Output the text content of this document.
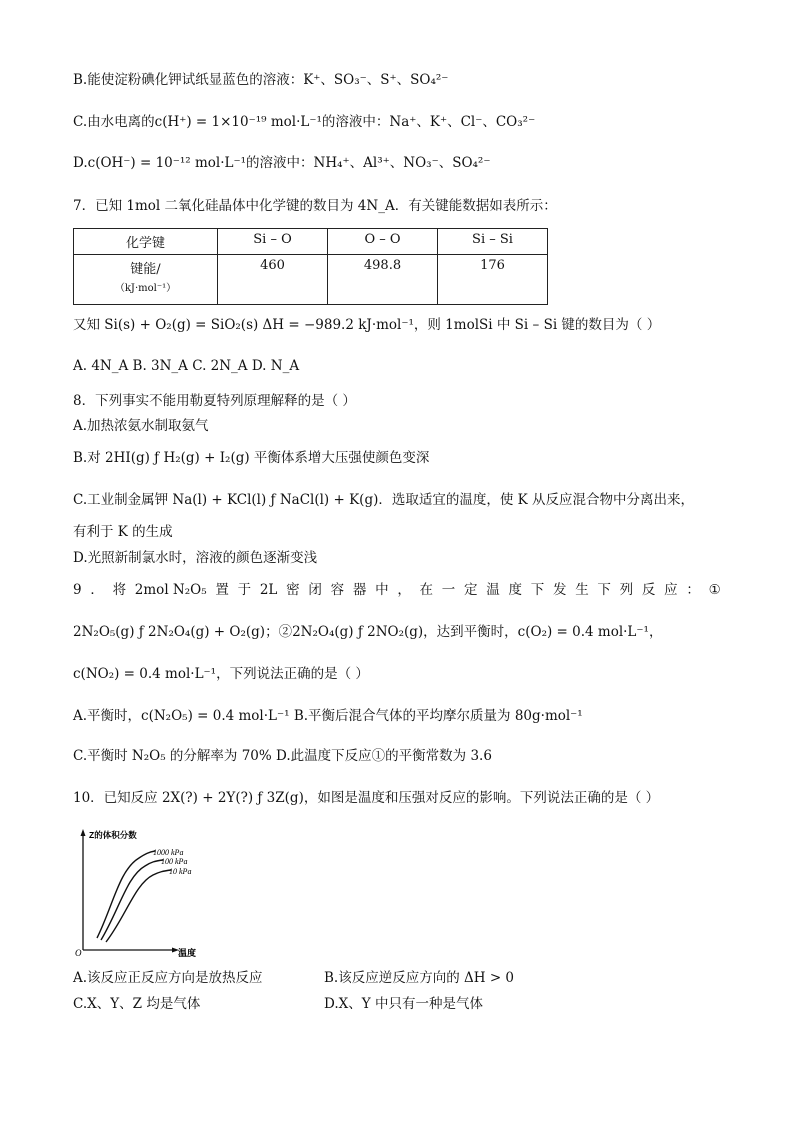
B.能使淀粉碘化钾试纸显蓝色的溶液：K⁺、SO₃⁻、S⁺、SO₄²⁻
C.由水电离的c(H⁺) = 1×10⁻¹⁹ mol·L⁻¹的溶液中：Na⁺、K⁺、Cl⁻、CO₃²⁻
D.c(OH⁻) = 10⁻¹² mol·L⁻¹的溶液中：NH₄⁺、Al³⁺、NO₃⁻、SO₄²⁻
7．已知 1mol 二氧化硅晶体中化学键的数目为 4N_A．有关键能数据如表所示：
化学键	Si – O	O – O	Si – Si
键能/
（kJ·mol⁻¹）	460	498.8	176
又知 Si(s) + O₂(g) = SiO₂(s) ΔH = −989.2 kJ·mol⁻¹，则 1molSi 中 Si – Si 键的数目为（ ）
A. 4N_A B. 3N_A C. 2N_A D. N_A
8．下列事实不能用勒夏特列原理解释的是（ ）
A.加热浓氨水制取氨气
B.对 2HI(g) ƒ H₂(g) + I₂(g) 平衡体系增大压强使颜色变深
C.工业制金属钾 Na(l) + KCl(l) ƒ NaCl(l) + K(g)．选取适宜的温度，使 K 从反应混合物中分离出来，
有利于 K 的生成
D.光照新制氯水时，溶液的颜色逐渐变浅
9 ． 将 2mol N₂O₅ 置 于 2L 密 闭 容 器 中 ， 在 一 定 温 度 下 发 生 下 列 反 应 ： ①
2N₂O₅(g) ƒ 2N₂O₄(g) + O₂(g)；②2N₂O₄(g) ƒ 2NO₂(g)，达到平衡时，c(O₂) = 0.4 mol·L⁻¹，
c(NO₂) = 0.4 mol·L⁻¹，下列说法正确的是（ ）
A.平衡时，c(N₂O₅) = 0.4 mol·L⁻¹ B.平衡后混合气体的平均摩尔质量为 80g·mol⁻¹
C.平衡时 N₂O₅ 的分解率为 70% D.此温度下反应①的平衡常数为 3.6
10．已知反应 2X(?) + 2Y(?) ƒ 3Z(g)，如图是温度和压强对反应的影响。下列说法正确的是（ ）
Z的体积分数
O	温度
1000 kPa
100 kPa
10 kPa
A.该反应正反应方向是放热反应	B.该反应逆反应方向的 ΔH > 0
C.X、Y、Z 均是气体	D.X、Y 中只有一种是气体
